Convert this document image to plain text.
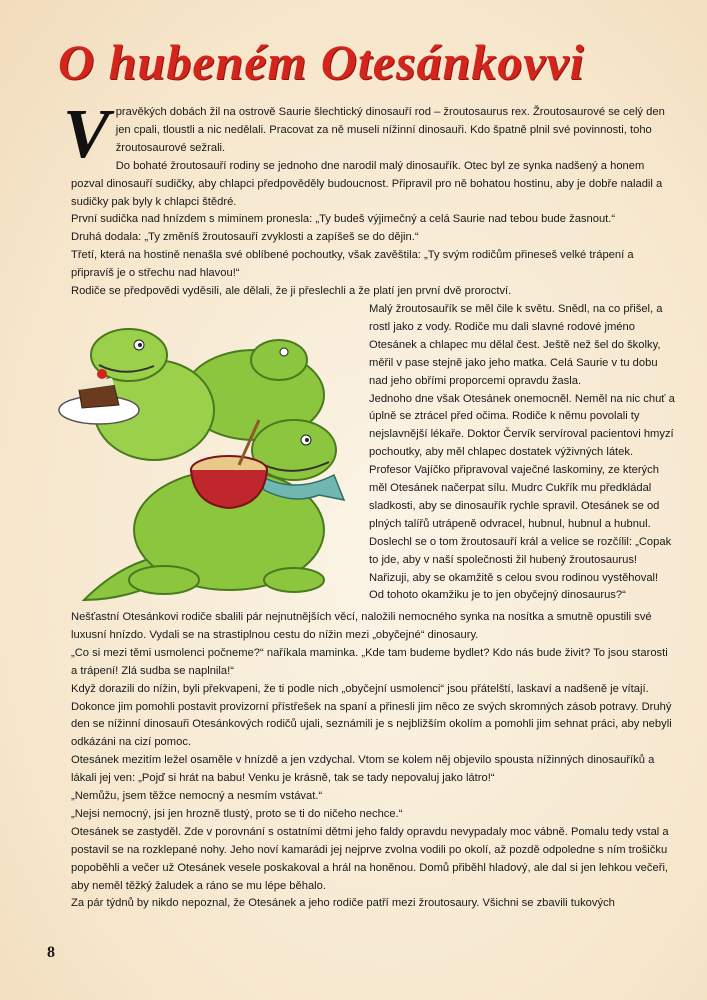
O hubeném Otesánkovvi
V pravěkých dobách žil na ostrově Saurie šlechtický dinosauří rod – žroutosaurus rex. Žroutosaurové se celý den jen cpali, tloustli a nic nedělali. Pracovat za ně museli nížinní dinosauři. Kdo špatně plnil své povinnosti, toho žroutosaurové sežrali.

Do bohaté žroutosauří rodiny se jednoho dne narodil malý dinosauřík. Otec byl ze synka nadšený a honem pozval dinosauří sudičky, aby chlapci předpověděly budoucnost. Připravil pro ně bohatou hostinu, aby je dobře naladil a sudičky pak byly k chlapci štědré.

První sudička nad hnízdem s miminem pronesla: „Ty budeš výjimečný a celá Saurie nad tebou bude žasnout.“

Druhá dodala: „Ty změníš žroutosauří zvyklosti a zapíšeš se do dějin.“

Třetí, která na hostině nenašla své oblíbené pochoutky, však zavěštila: „Ty svým rodičům přineseš velké trápení a připravíš je o střechu nad hlavou!“

Rodiče se předpovědi vyděsili, ale dělali, že ji přeslechli a že platí jen první dvě proroctví.

Malý žroutosauřík se měl čile k světu. Snědl, na co přišel, a rostl jako z vody. Rodiče mu dali slavné rodové jméno Otesánek a chlapec mu dělal čest. Ještě než šel do školky, měřil v pase stejně jako jeho matka. Celá Saurie v tu dobu nad jeho obřími proporcemi opravdu žasla.

Jednoho dne však Otesánek onemocněl. Neměl na nic chuť a úplně se ztrácel před očima. Rodiče k němu povolali ty nejslavnější lékaře. Doktor Červík servíroval pacientovi hmyzí pochoutky, aby měl chlapec dostatek výživných látek. Profesor Vajíčko připravoval vaječné laskominy, ze kterých měl Otesánek načerpat sílu. Mudrc Cukřík mu předkládal sladkosti, aby se dinosauřík rychle spravil. Otesánek se od plných talířů utrápeně odvracel, hubnul, hubnul a hubnul.

Doslechl se o tom žroutosauří král a velice se rozčílil: „Copak to jde, aby v naší společnosti žil hubený žroutosaurus! Nařizuji, aby se okamžitě s celou svou rodinou vystěhoval! Od tohoto okamžiku je to jen obyčejný dinosaurus?“

Nešťastní Otesánkovi rodiče sbalili pár nejnutnějších věcí, naložili nemocného synka na nosítka a smutně opustili své luxusní hnízdo. Vydali se na strastiplnou cestu do nížin mezi „obyčejné“ dinosaury.

„Co si mezi těmi usmolenci počneme?“ naříkala maminka. „Kde tam budeme bydlet? Kdo nás bude živit? To jsou starosti a trápení! Zlá sudba se naplnila!“

Když dorazili do nížin, byli překvapeni, že ti podle nich „obyčejní usmolenci“ jsou přátelští, laskaví a nadšeně je vítají. Dokonce jim pomohli postavit provizorní přístřešek na spaní a přinesli jim něco ze svých skromných zásob potravy. Druhý den se nížinní dinosauři Otesánkových rodičů ujali, seznámili je s nejbližším okolím a pomohli jim sehnat práci, aby nebyli odkázáni na cizí pomoc.

Otesánek mezitím ležel osaměle v hnízdě a jen vzdychal. Vtom se kolem něj objevilo spousta nížinných dinosauříků a lákali jej ven: „Pojď si hrát na babu! Venku je krásně, tak se tady nepovaluj jako látro!“

„Nemůžu, jsem těžce nemocný a nesmím vstávat.“

„Nejsi nemocný, jsi jen hrozně tlustý, proto se ti do ničeho nechce.“

Otesánek se zastyděl. Zde v porovnání s ostatními dětmi jeho faldy opravdu nevypadaly moc vábně. Pomalu tedy vstal a postavil se na rozklepané nohy. Jeho noví kamarádi jej nejprve zvolna vodili po okolí, až pozdě odpoledne s ním trošičku popoběhli a večer už Otesánek vesele poskakoval a hrál na honěnou. Domů přiběhl hladový, ale dal si jen lehkou večeři, aby neměl těžký žaludek a ráno se mu lépe běhalo.

Za pár týdnů by nikdo nepoznal, že Otesánek a jeho rodiče patří mezi žroutosaury. Všichni se zbavili tukových

8
